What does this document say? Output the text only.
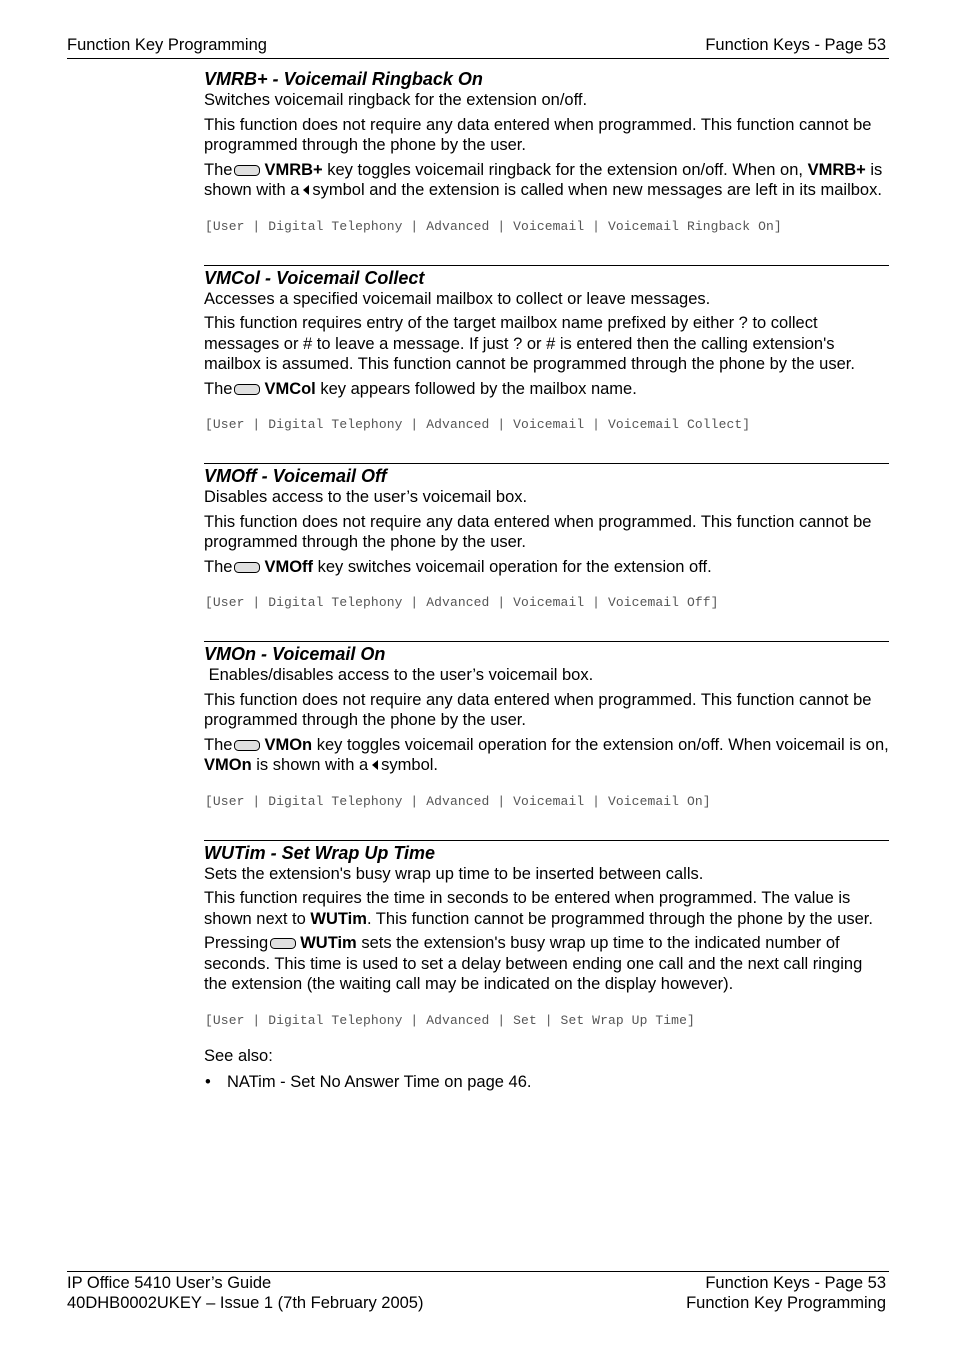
Function Key Programming	Function Keys - Page 53
VMRB+ - Voicemail Ringback On
Switches voicemail ringback for the extension on/off.
This function does not require any data entered when programmed. This function cannot be programmed through the phone by the user.
The VMRB+ key toggles voicemail ringback for the extension on/off. When on, VMRB+ is shown with a symbol and the extension is called when new messages are left in its mailbox.
[User | Digital Telephony | Advanced | Voicemail | Voicemail Ringback On]
VMCol - Voicemail Collect
Accesses a specified voicemail mailbox to collect or leave messages.
This function requires entry of the target mailbox name prefixed by either ? to collect messages or # to leave a message. If just ? or # is entered then the calling extension's mailbox is assumed. This function cannot be programmed through the phone by the user.
The VMCol key appears followed by the mailbox name.
[User | Digital Telephony | Advanced | Voicemail | Voicemail Collect]
VMOff - Voicemail Off
Disables access to the user’s voicemail box.
This function does not require any data entered when programmed. This function cannot be programmed through the phone by the user.
The VMOff key switches voicemail operation for the extension off.
[User | Digital Telephony | Advanced | Voicemail | Voicemail Off]
VMOn - Voicemail On
Enables/disables access to the user’s voicemail box.
This function does not require any data entered when programmed. This function cannot be programmed through the phone by the user.
The VMOn key toggles voicemail operation for the extension on/off. When voicemail is on, VMOn is shown with a symbol.
[User | Digital Telephony | Advanced | Voicemail | Voicemail On]
WUTim - Set Wrap Up Time
Sets the extension's busy wrap up time to be inserted between calls.
This function requires the time in seconds to be entered when programmed. The value is shown next to WUTim. This function cannot be programmed through the phone by the user.
Pressing WUTim sets the extension's busy wrap up time to the indicated number of seconds. This time is used to set a delay between ending one call and the next call ringing the extension (the waiting call may be indicated on the display however).
[User | Digital Telephony | Advanced | Set | Set Wrap Up Time]
See also:
• NATim - Set No Answer Time on page 46.
IP Office 5410 User’s Guide	Function Keys - Page 53
40DHB0002UKEY – Issue 1 (7th February 2005)	Function Key Programming
